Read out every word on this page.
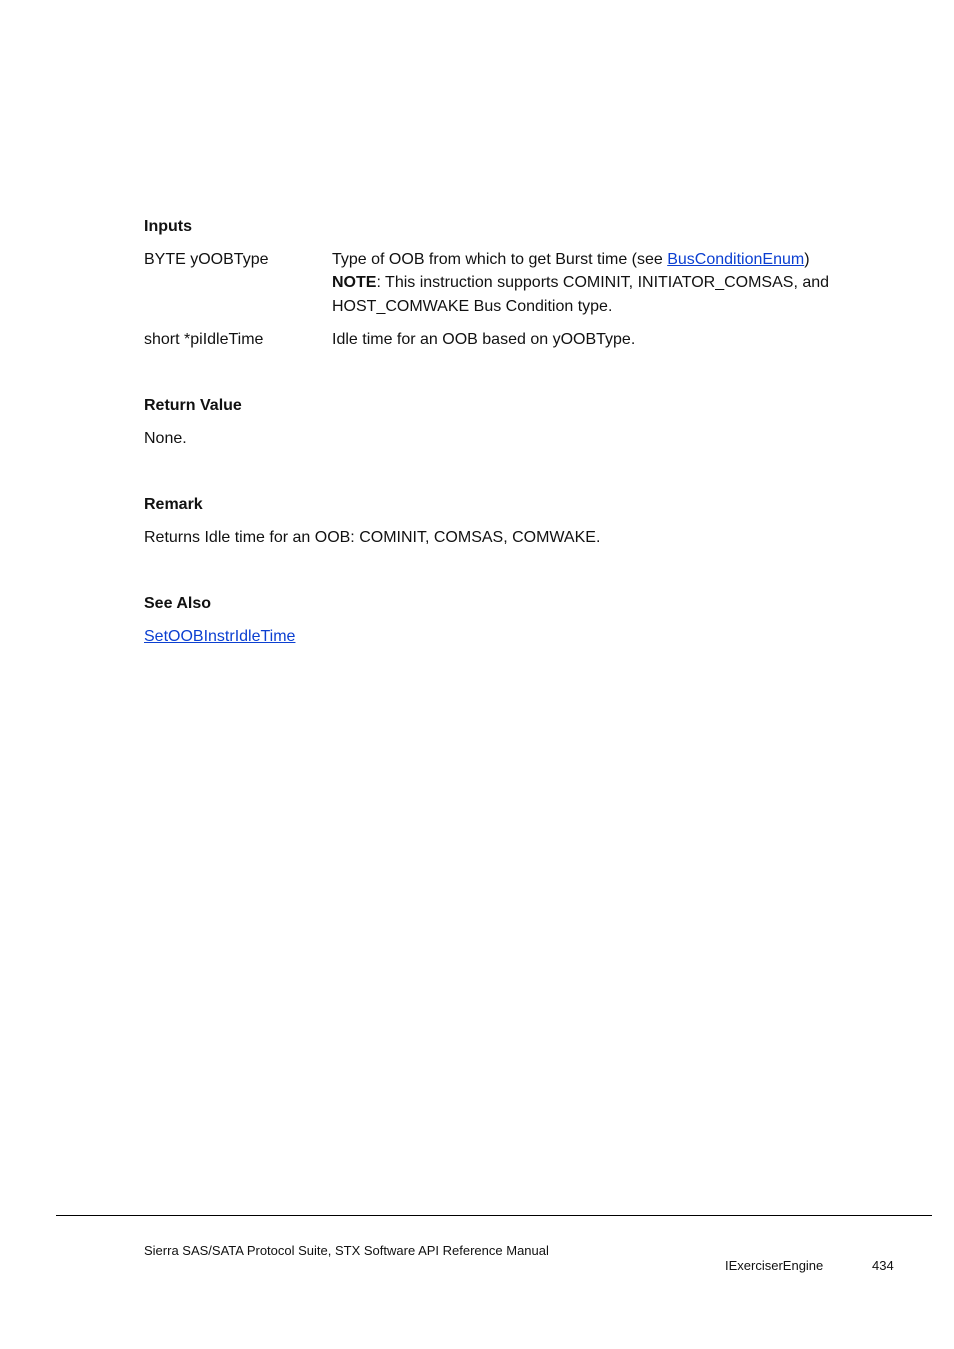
Inputs
BYTE yOOBType	Type of OOB from which to get Burst time (see BusConditionEnum)
NOTE: This instruction supports COMINIT, INITIATOR_COMSAS, and
HOST_COMWAKE Bus Condition type.
short *piIdleTime	Idle time for an OOB based on yOOBType.
Return Value
None.
Remark
Returns Idle time for an OOB: COMINIT, COMSAS, COMWAKE.
See Also
SetOOBInstrIdleTime
Sierra SAS/SATA Protocol Suite, STX Software API Reference Manual
IExerciserEngine	434
